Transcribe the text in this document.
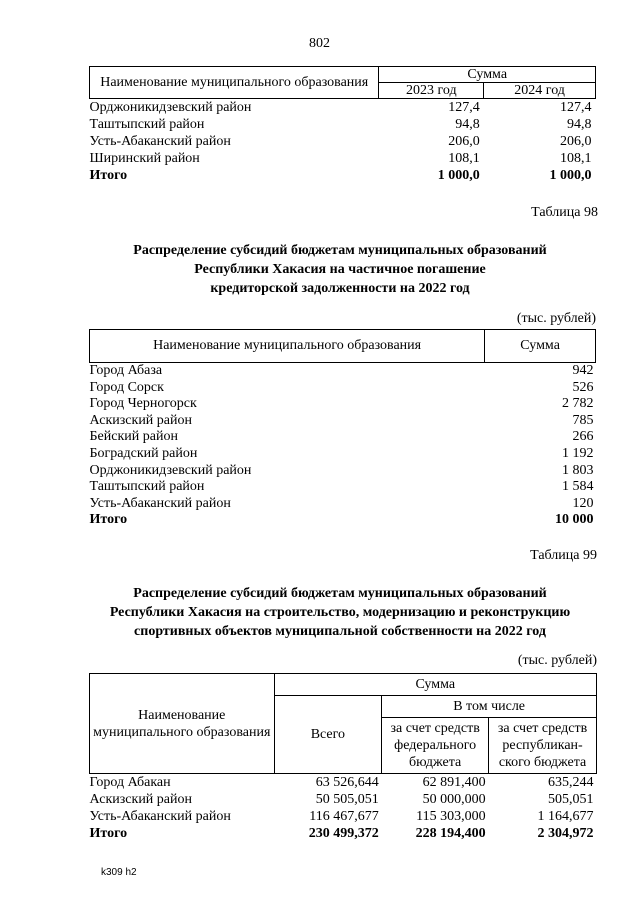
802
Наименование муниципального образования	Сумма	
	2023 год	2024 год
Орджоникидзевский район	127,4	127,4
Таштыпский район	94,8	94,8
Усть-Абаканский район	206,0	206,0
Ширинский район	108,1	108,1
Итого	1 000,0	1 000,0
Таблица 98
Распределение субсидий бюджетам муниципальных образований
Республики Хакасия на частичное погашение
кредиторской задолженности на 2022 год
(тыс. рублей)
Наименование муниципального образования	Сумма
Город Абаза	942
Город Сорск	526
Город Черногорск	2 782
Аскизский район	785
Бейский район	266
Боградский район	1 192
Орджоникидзевский район	1 803
Таштыпский район	1 584
Усть-Абаканский район	120
Итого	10 000
Таблица 99
Распределение субсидий бюджетам муниципальных образований
Республики Хакасия на строительство, модернизацию и реконструкцию
спортивных объектов муниципальной собственности на 2022 год
(тыс. рублей)
Наименование муниципального образования	Сумма		
	Всего	В том числе	
		за счет средств федерального бюджета	за счет средств республикан-ского бюджета
Город Абакан	63 526,644	62 891,400	635,244
Аскизский район	50 505,051	50 000,000	505,051
Усть-Абаканский район	116 467,677	115 303,000	1 164,677
Итого	230 499,372	228 194,400	2 304,972
k309 h2
